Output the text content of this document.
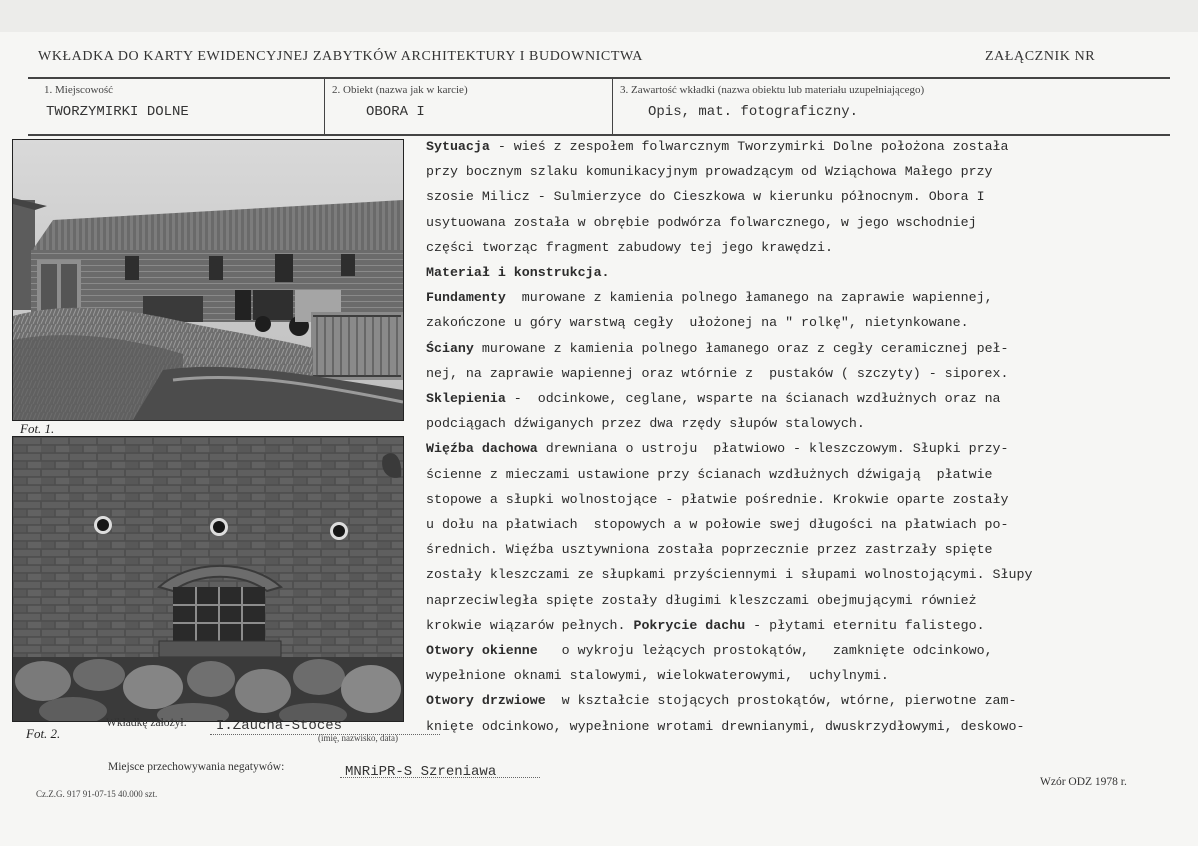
WKŁADKA DO KARTY EWIDENCYJNEJ ZABYTKÓW ARCHITEKTURY I BUDOWNICTWA	ZAŁĄCZNIK NR
1. Miejscowość
TWORZYMIRKI DOLNE
2. Obiekt (nazwa jak w karcie)
OBORA I
3. Zawartość wkładki (nazwa obiektu lub materiału uzupełniającego)
Opis, mat. fotograficzny.
Fot. 1.
Fot. 2.
Sytuacja - wieś z zespołem folwarcznym Tworzymirki Dolne położona została
przy bocznym szlaku komunikacyjnym prowadzącym od Wziąchowa Małego przy
szosie Milicz - Sulmierzyce do Cieszkowa w kierunku północnym. Obora I
usytuowana została w obrębie podwórza folwarcznego, w jego wschodniej
części tworząc fragment zabudowy tej jego krawędzi.
Materiał i konstrukcja.
Fundamenty  murowane z kamienia polnego łamanego na zaprawie wapiennej,
zakończone u góry warstwą cegły  ułożonej na " rolkę", nietynkowane.
Ściany murowane z kamienia polnego łamanego oraz z cegły ceramicznej peł-
nej, na zaprawie wapiennej oraz wtórnie z  pustaków ( szczyty) - siporex.
Sklepienia -  odcinkowe, ceglane, wsparte na ścianach wzdłużnych oraz na
podciągach dźwiganych przez dwa rzędy słupów stalowych.
Więźba dachowa drewniana o ustroju  płatwiowo - kleszczowym. Słupki przy-
ścienne z mieczami ustawione przy ścianach wzdłużnych dźwigają  płatwie
stopowe a słupki wolnostojące - płatwie pośrednie. Krokwie oparte zostały
u dołu na płatwiach  stopowych a w połowie swej długości na płatwiach po-
średnich. Więźba usztywniona została poprzecznie przez zastrzały spięte
zostały kleszczami ze słupkami przyściennymi i słupami wolnostojącymi. Słupy
naprzeciwległa spięte zostały długimi kleszczami obejmującymi również
krokwie wiązarów pełnych. Pokrycie dachu - płytami eternitu falistego.
Otwory okienne   o wykroju leżących prostokątów,   zamknięte odcinkowo,
wypełnione oknami stalowymi, wielokwaterowymi,  uchylnymi.
Otwory drzwiowe  w kształcie stojących prostokątów, wtórne, pierwotne zam-
knięte odcinkowo, wypełnione wrotami drewnianymi, dwuskrzydłowymi, deskowo-
Wkładkę założył: I.Zaucha-Stoces
(imię, nazwisko, data)
Miejsce przechowywania negatywów:	MNRiPR-S Szreniawa
Cz.Z.G. 917 91-07-15 40.000 szt.
Wzór ODZ 1978 r.
